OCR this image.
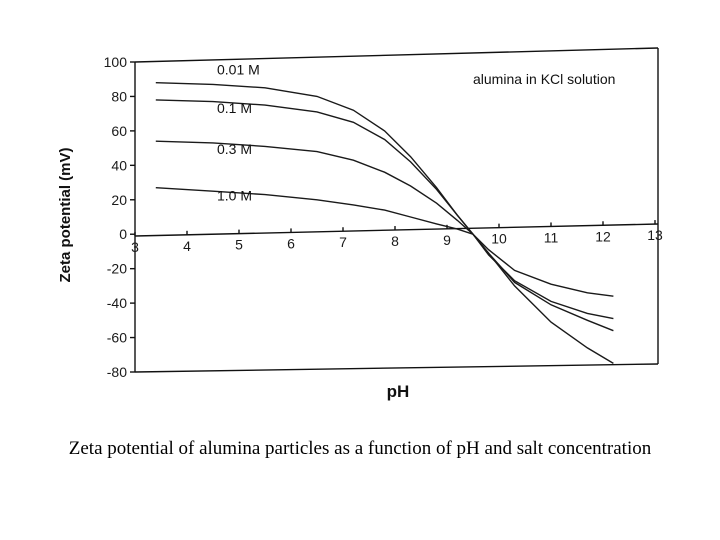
100
80
60
40
20
0
-20
-40
-60
-80
3	4	5	6	7	8	9	10	11	12	13
0.01 M
0.1 M
0.3 M
1.0 M
alumina in KCl solution
Zeta potential (mV)
pH
Zeta potential of alumina particles as a function of pH and salt concentration
